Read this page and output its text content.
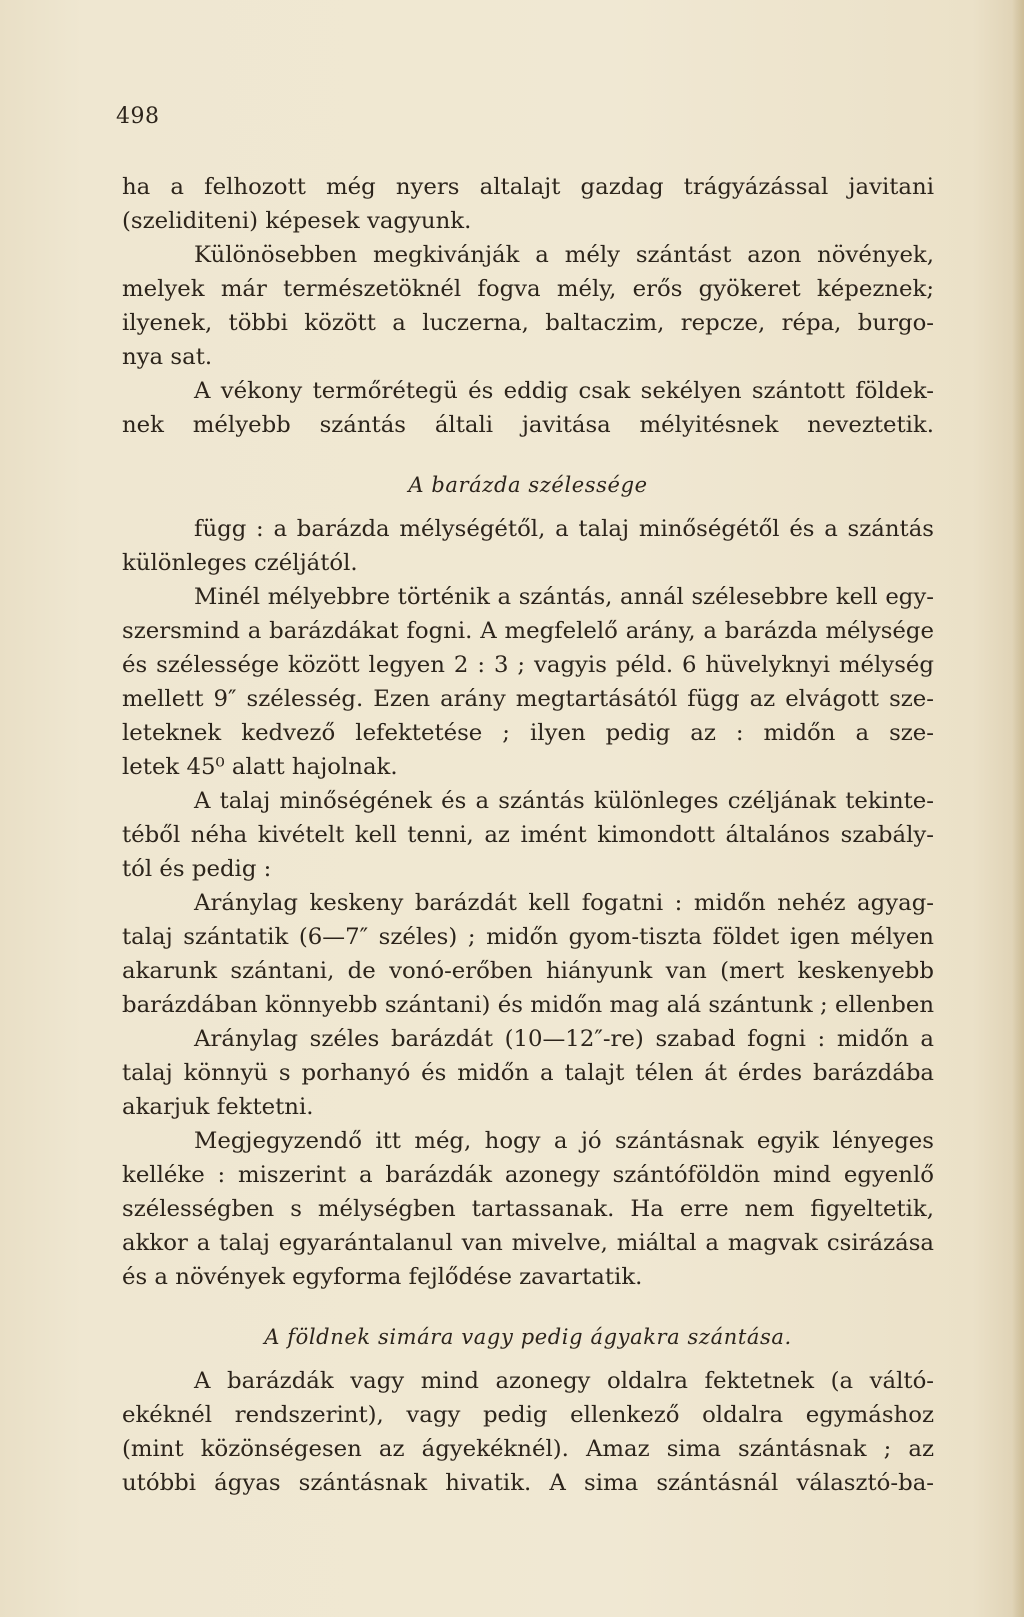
498
ha a felhozott még nyers altalajt gazdag trágyázással javitani
(szeliditeni) képesek vagyunk.
Különösebben megkivánják a mély szántást azon növények,
melyek már természetöknél fogva mély, erős gyökeret képeznek;
ilyenek, többi között a luczerna, baltaczim, repcze, répa, burgo-
nya sat.
A vékony termőrétegü és eddig csak sekélyen szántott földek-
nek mélyebb szántás általi javitása mélyitésnek neveztetik.
A barázda szélessége
függ : a barázda mélységétől, a talaj minőségétől és a szántás
különleges czéljától.
Minél mélyebbre történik a szántás, annál szélesebbre kell egy-
szersmind a barázdákat fogni. A megfelelő arány, a barázda mélysége
és szélessége között legyen 2 : 3 ; vagyis péld. 6 hüvelyknyi mélység
mellett 9″ szélesség. Ezen arány megtartásától függ az elvágott sze-
leteknek kedvező lefektetése ; ilyen pedig az : midőn a sze-
letek 45⁰ alatt hajolnak.
A talaj minőségének és a szántás különleges czéljának tekinte-
téből néha kivételt kell tenni, az imént kimondott általános szabály-
tól és pedig :
Aránylag keskeny barázdát kell fogatni : midőn nehéz agyag-
talaj szántatik (6—7″ széles) ; midőn gyom-tiszta földet igen mélyen
akarunk szántani, de vonó-erőben hiányunk van (mert keskenyebb
barázdában könnyebb szántani) és midőn mag alá szántunk ; ellenben
Aránylag széles barázdát (10—12″-re) szabad fogni : midőn a
talaj könnyü s porhanyó és midőn a talajt télen át érdes barázdába
akarjuk fektetni.
Megjegyzendő itt még, hogy a jó szántásnak egyik lényeges
kelléke : miszerint a barázdák azonegy szántóföldön mind egyenlő
szélességben s mélységben tartassanak. Ha erre nem figyeltetik,
akkor a talaj egyarántalanul van mivelve, miáltal a magvak csirázása
és a növények egyforma fejlődése zavartatik.
A földnek simára vagy pedig ágyakra szántása.
A barázdák vagy mind azonegy oldalra fektetnek (a váltó-
ekéknél rendszerint), vagy pedig ellenkező oldalra egymáshoz
(mint közönségesen az ágyekéknél). Amaz sima szántásnak ; az
utóbbi ágyas szántásnak hivatik. A sima szántásnál választó-ba-
